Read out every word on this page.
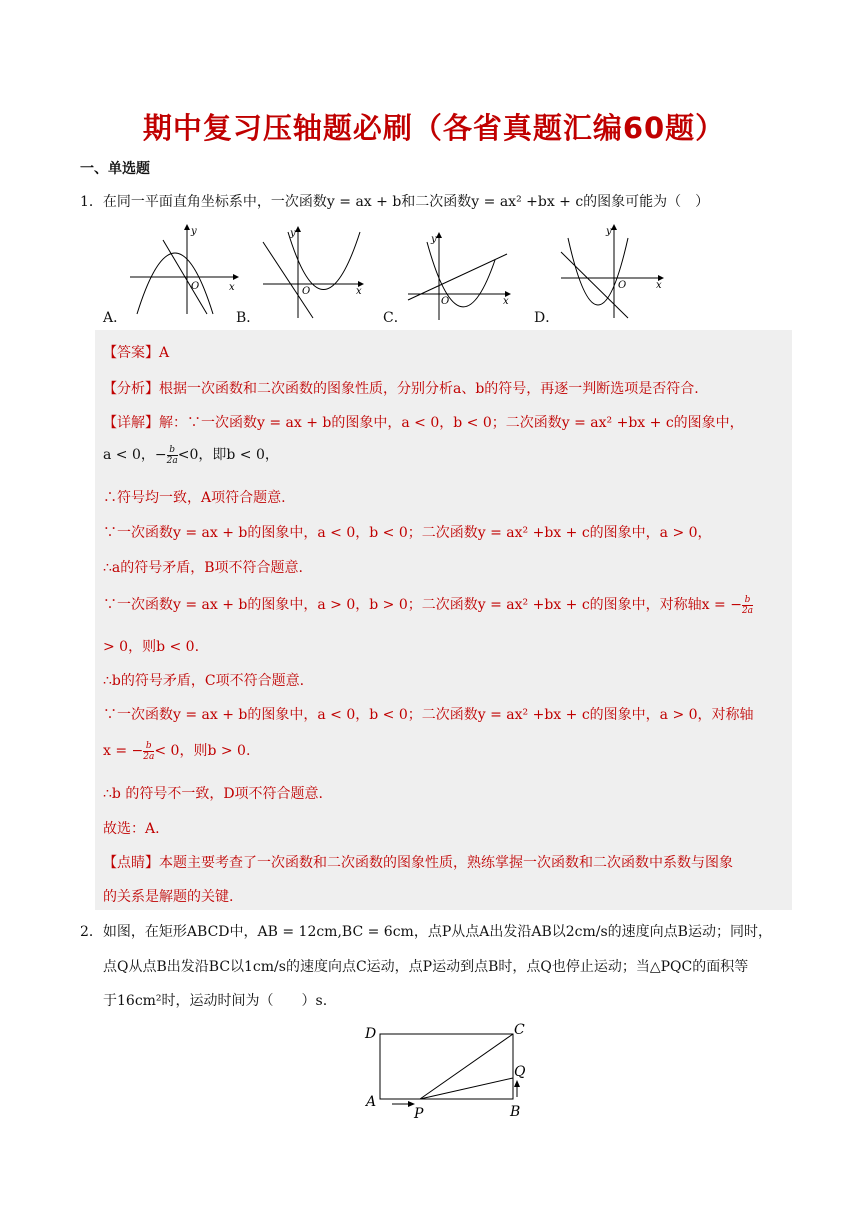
期中复习压轴题必刷（各省真题汇编60题）
一、单选题
1．在同一平面直角坐标系中，一次函数y = ax + b和二次函数y = ax² +bx + c的图象可能为（　）
y
x
O
A．
y
x
O
B．
y
x
O
C．
y
x
O
D．
【答案】A
【分析】根据一次函数和二次函数的图象性质，分别分析a、b的符号，再逐一判断选项是否符合.
【详解】解：∵一次函数y = ax + b的图象中，a < 0，b < 0；二次函数y = ax² +bx + c的图象中，
a < 0，− $\frac{b}{2a} <0$，即b < 0，
∴符号均一致，A项符合题意.
∵一次函数y = ax + b的图象中，a < 0，b < 0；二次函数y = ax² +bx + c的图象中，a > 0，
∴a的符号矛盾，B项不符合题意.
∵一次函数y = ax + b的图象中，a > 0，b > 0；二次函数y = ax² +bx + c的图象中，对称轴x = − $\frac{b}{2a}$
> 0，则b < 0.
∴b的符号矛盾，C项不符合题意.
∵一次函数y = ax + b的图象中，a < 0，b < 0；二次函数y = ax² +bx + c的图象中，a > 0，对称轴
x = − $\frac{b}{2a} < 0$，则b > 0.
∴b 的符号不一致，D项不符合题意.
故选：A.
【点睛】本题主要考查了一次函数和二次函数的图象性质，熟练掌握一次函数和二次函数中系数与图象
的关系是解题的关键.
2．如图，在矩形ABCD中，AB = 12cm,BC = 6cm，点P从点A出发沿AB以2cm/s的速度向点B运动；同时，
点Q从点B出发沿BC以1cm/s的速度向点C运动，点P运动到点B时，点Q也停止运动；当△PQC的面积等
于16cm²时，运动时间为（　　）s.
D	C
Q
A
P	B
